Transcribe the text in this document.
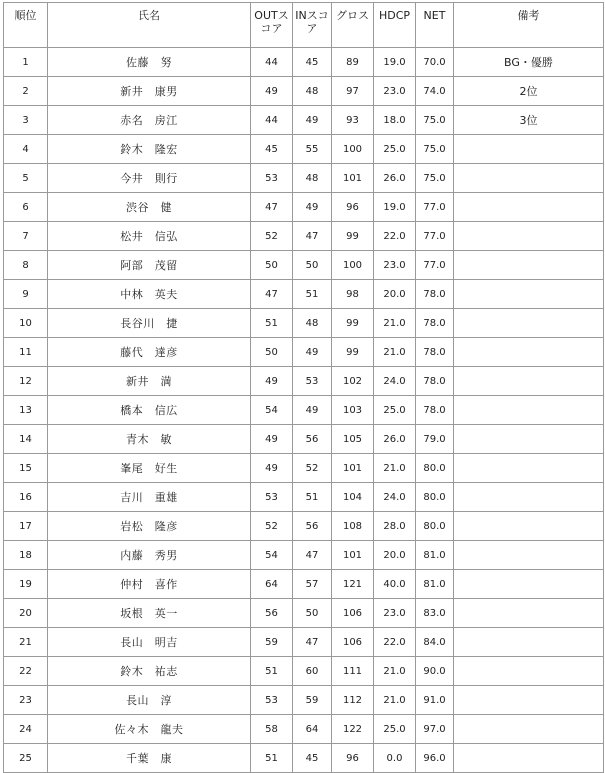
順位	氏名	OUTスコア	INスコア	グロス	HDCP	NET	備考
1	佐藤　努	44	45	89	19.0	70.0	BG・優勝
2	新井　康男	49	48	97	23.0	74.0	2位
3	赤名　房江	44	49	93	18.0	75.0	3位
4	鈴木　隆宏	45	55	100	25.0	75.0	
5	今井　則行	53	48	101	26.0	75.0	
6	渋谷　健	47	49	96	19.0	77.0	
7	松井　信弘	52	47	99	22.0	77.0	
8	阿部　茂留	50	50	100	23.0	77.0	
9	中林　英夫	47	51	98	20.0	78.0	
10	長谷川　捷	51	48	99	21.0	78.0	
11	藤代　達彦	50	49	99	21.0	78.0	
12	新井　満	49	53	102	24.0	78.0	
13	橋本　信広	54	49	103	25.0	78.0	
14	青木　敏	49	56	105	26.0	79.0	
15	峯尾　好生	49	52	101	21.0	80.0	
16	吉川　重雄	53	51	104	24.0	80.0	
17	岩松　隆彦	52	56	108	28.0	80.0	
18	内藤　秀男	54	47	101	20.0	81.0	
19	仲村　喜作	64	57	121	40.0	81.0	
20	坂根　英一	56	50	106	23.0	83.0	
21	長山　明吉	59	47	106	22.0	84.0	
22	鈴木　祐志	51	60	111	21.0	90.0	
23	長山　淳	53	59	112	21.0	91.0	
24	佐々木　龍夫	58	64	122	25.0	97.0	
25	千葉　康	51	45	96	0.0	96.0	
